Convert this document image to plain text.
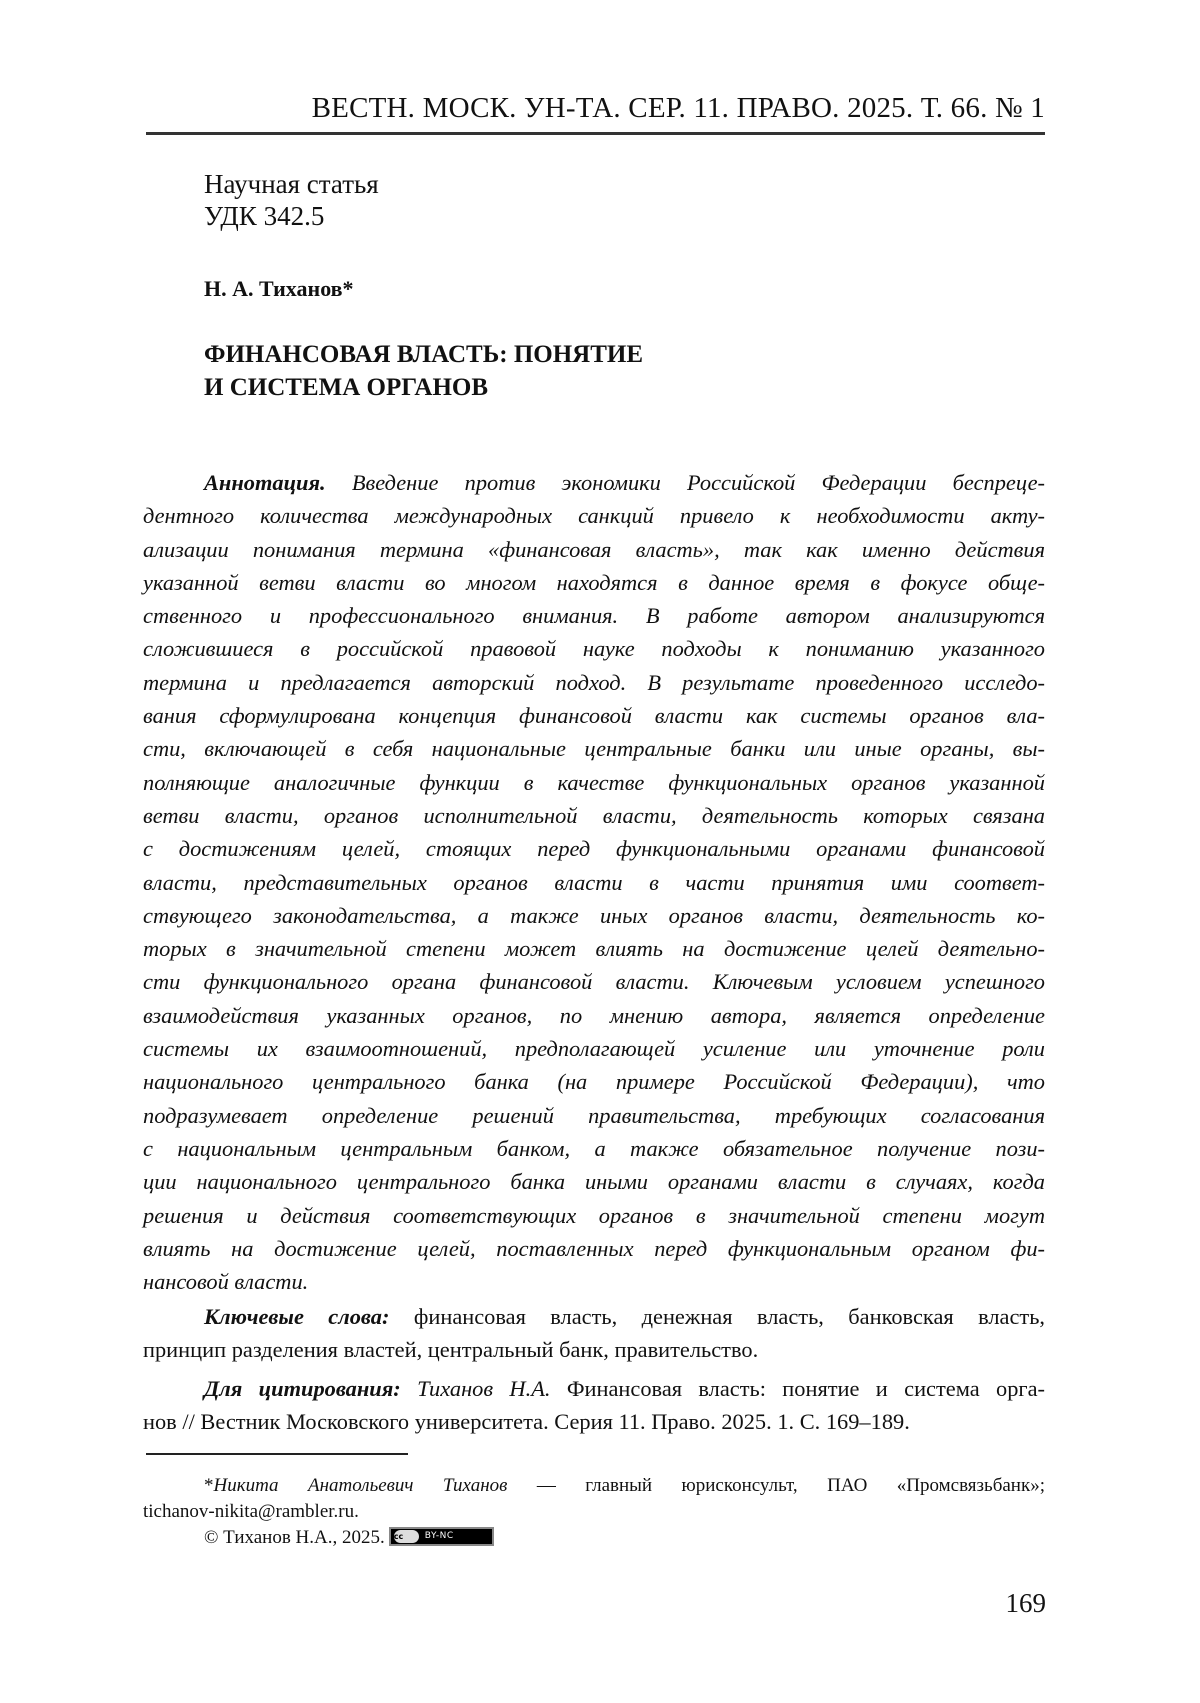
ВЕСТН. МОСК. УН-ТА. СЕР. 11. ПРАВО. 2025. Т. 66. № 1
Научная статья
УДК 342.5
Н. А. Тиханов*
ФИНАНСОВАЯ ВЛАСТЬ: ПОНЯТИЕ
И СИСТЕМА ОРГАНОВ
Аннотация. Введение против экономики Российской Федерации беспреце-
дентного количества международных санкций привело к необходимости акту-
ализации понимания термина «финансовая власть», так как именно действия
указанной ветви власти во многом находятся в данное время в фокусе обще-
ственного и профессионального внимания. В работе автором анализируются
сложившиеся в российской правовой науке подходы к пониманию указанного
термина и предлагается авторский подход. В результате проведенного исследо-
вания сформулирована концепция финансовой власти как системы органов вла-
сти, включающей в себя национальные центральные банки или иные органы, вы-
полняющие аналогичные функции в качестве функциональных органов указанной
ветви власти, органов исполнительной власти, деятельность которых связана
с достижениям целей, стоящих перед функциональными органами финансовой
власти, представительных органов власти в части принятия ими соответ-
ствующего законодательства, а также иных органов власти, деятельность ко-
торых в значительной степени может влиять на достижение целей деятельно-
сти функционального органа финансовой власти. Ключевым условием успешного
взаимодействия указанных органов, по мнению автора, является определение
системы их взаимоотношений, предполагающей усиление или уточнение роли
национального центрального банка (на примере Российской Федерации), что
подразумевает определение решений правительства, требующих согласования
с национальным центральным банком, а также обязательное получение пози-
ции национального центрального банка иными органами власти в случаях, когда
решения и действия соответствующих органов в значительной степени могут
влиять на достижение целей, поставленных перед функциональным органом фи-
нансовой власти.
Ключевые слова: финансовая власть, денежная власть, банковская власть,
принцип разделения властей, центральный банк, правительство.
Для цитирования: Тиханов Н.А. Финансовая власть: понятие и система орга-
нов // Вестник Московского университета. Серия 11. Право. 2025. 1. С. 169–189.
*Никита Анатольевич Тиханов — главный юрисконсульт, ПАО «Промсвязьбанк»;
tichanov-nikita@rambler.ru.
© Тиханов Н.А., 2025. cc	BY-NC
169
